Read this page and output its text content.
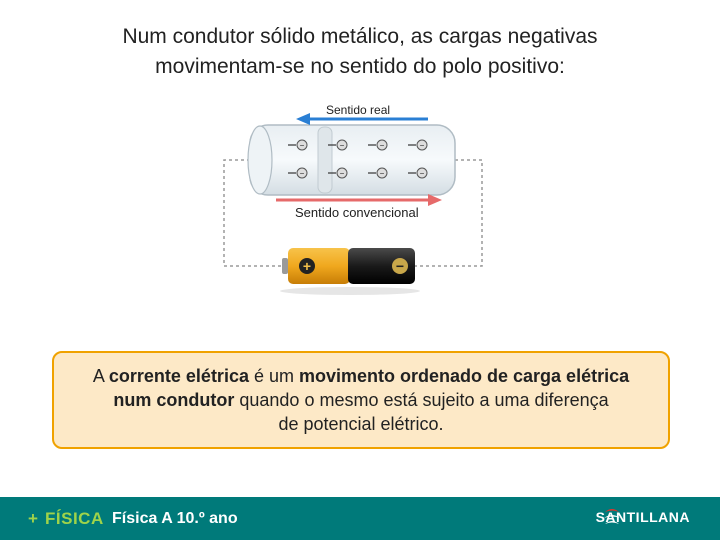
Num condutor sólido metálico, as cargas negativas
movimentam-se no sentido do polo positivo:
−	−	−	−
−	−	−	−
+	−
Sentido real
Sentido convencional
A corrente elétrica é um movimento ordenado de carga elétrica
num condutor quando o mesmo está sujeito a uma diferença
de potencial elétrico.
+ FÍSICA Física A 10.º ano	SANTILLANA
